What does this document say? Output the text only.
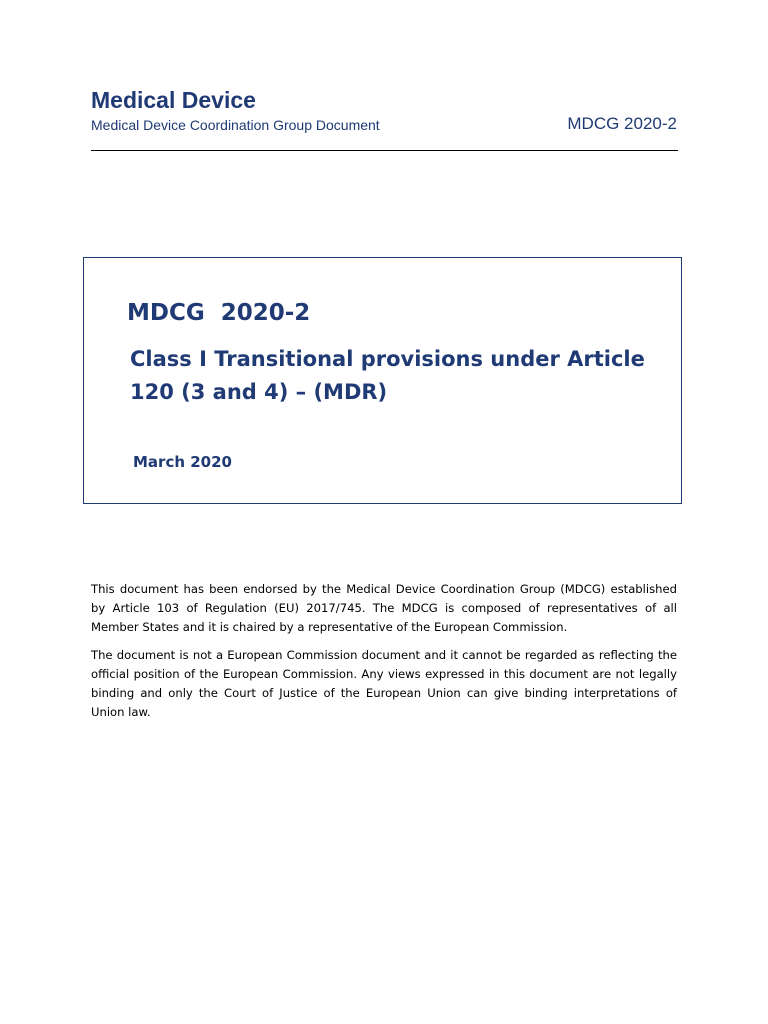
Medical Device
Medical Device Coordination Group Document	MDCG 2020-2
MDCG  2020-2
Class I Transitional provisions under Article 120 (3 and 4) – (MDR)
March 2020

This document has been endorsed by the Medical Device Coordination Group (MDCG) established by Article 103 of Regulation (EU) 2017/745. The MDCG is composed of representatives of all Member States and it is chaired by a representative of the European Commission.

The document is not a European Commission document and it cannot be regarded as reflecting the official position of the European Commission. Any views expressed in this document are not legally binding and only the Court of Justice of the European Union can give binding interpretations of Union law.
